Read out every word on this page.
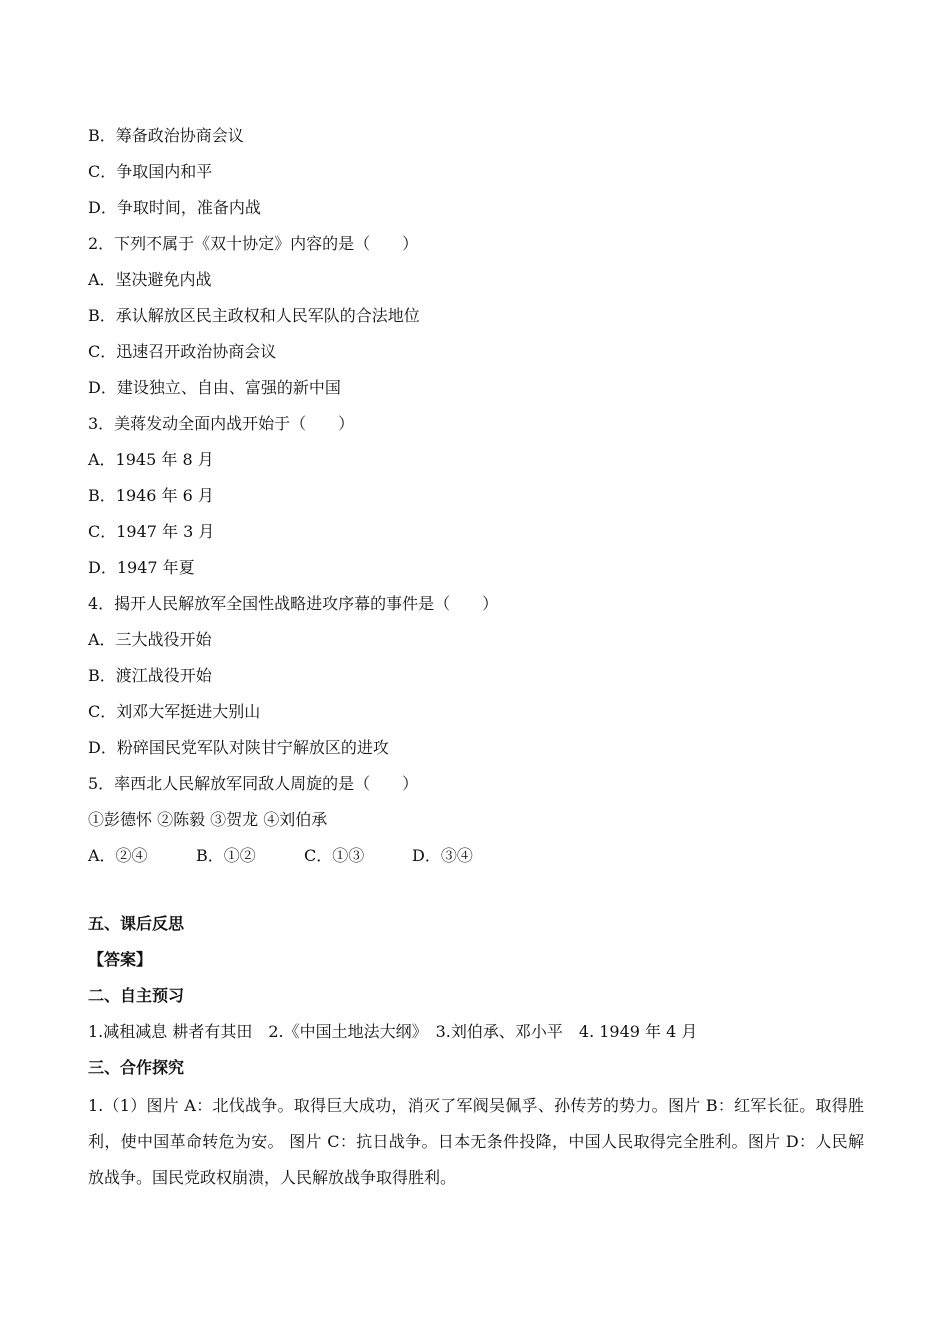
B．筹备政治协商会议
C．争取国内和平
D．争取时间，准备内战
2．下列不属于《双十协定》内容的是（　　）
A．坚决避免内战
B．承认解放区民主政权和人民军队的合法地位
C．迅速召开政治协商会议
D．建设独立、自由、富强的新中国
3．美蒋发动全面内战开始于（　　）
A．1945 年 8 月
B．1946 年 6 月
C．1947 年 3 月
D．1947 年夏
4．揭开人民解放军全国性战略进攻序幕的事件是（　　）
A．三大战役开始
B．渡江战役开始
C．刘邓大军挺进大别山
D．粉碎国民党军队对陕甘宁解放区的进攻
5．率西北人民解放军同敌人周旋的是（　　）
①彭德怀 ②陈毅 ③贺龙 ④刘伯承
A．②④	B．①②	C．①③	D．③④
五、课后反思
【答案】
二、自主预习
1.减租减息 耕者有其田　2.《中国土地法大纲》　3.刘伯承、邓小平　4. 1949 年 4 月
三、合作探究
1.（1）图片 A：北伐战争。取得巨大成功，消灭了军阀吴佩孚、孙传芳的势力。图片 B：红军长征。取得胜利，使中国革命转危为安。 图片 C：抗日战争。日本无条件投降，中国人民取得完全胜利。图片 D：人民解放战争。国民党政权崩溃，人民解放战争取得胜利。
